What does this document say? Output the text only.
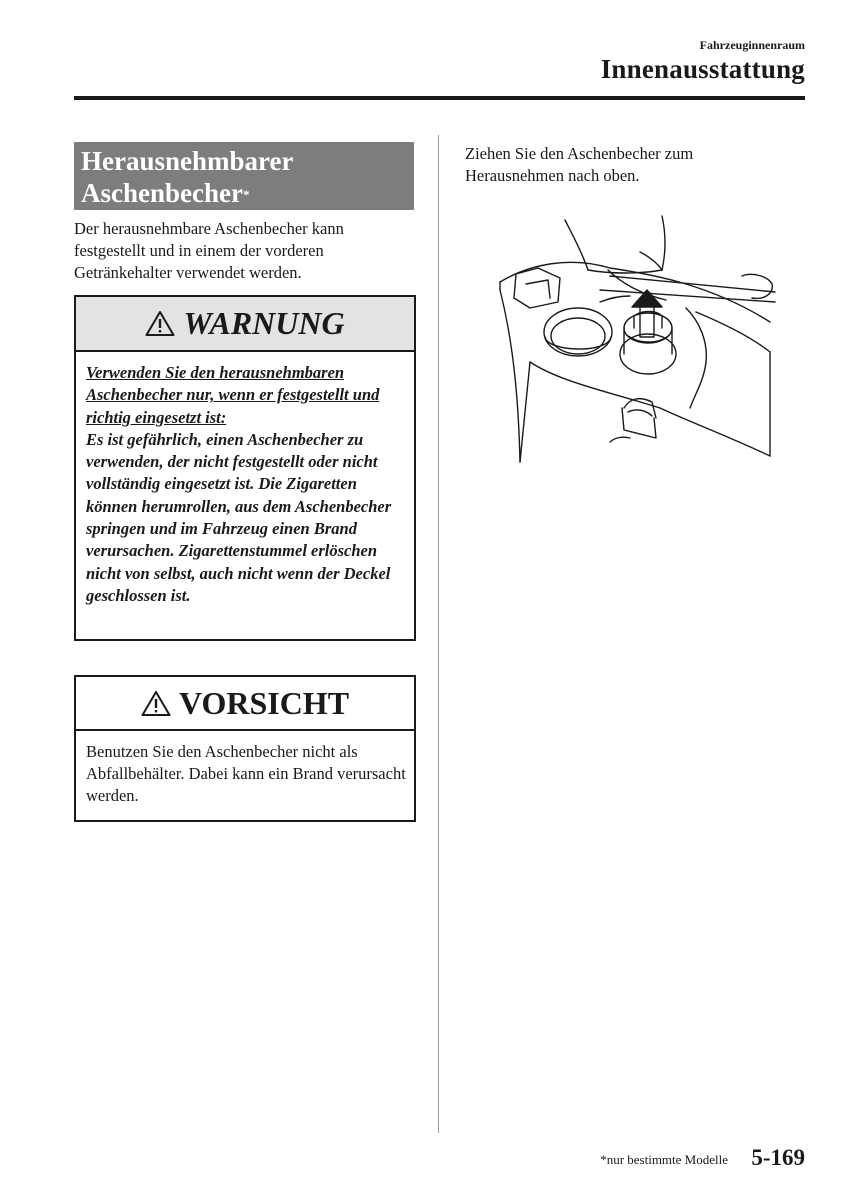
Fahrzeuginnenraum
Innenausstattung
Herausnehmbarer
Aschenbecher*
Der herausnehmbare Aschenbecher kann festgestellt und in einem der vorderen Getränkehalter verwendet werden.
WARNUNG
Verwenden Sie den herausnehmbaren Aschenbecher nur, wenn er festgestellt und richtig eingesetzt ist:
Es ist gefährlich, einen Aschenbecher zu verwenden, der nicht festgestellt oder nicht vollständig eingesetzt ist. Die Zigaretten können herumrollen, aus dem Aschenbecher springen und im Fahrzeug einen Brand verursachen. Zigarettenstummel erlöschen nicht von selbst, auch nicht wenn der Deckel geschlossen ist.
VORSICHT
Benutzen Sie den Aschenbecher nicht als Abfallbehälter. Dabei kann ein Brand verursacht werden.
Ziehen Sie den Aschenbecher zum Herausnehmen nach oben.
*nur bestimmte Modelle 5-169
